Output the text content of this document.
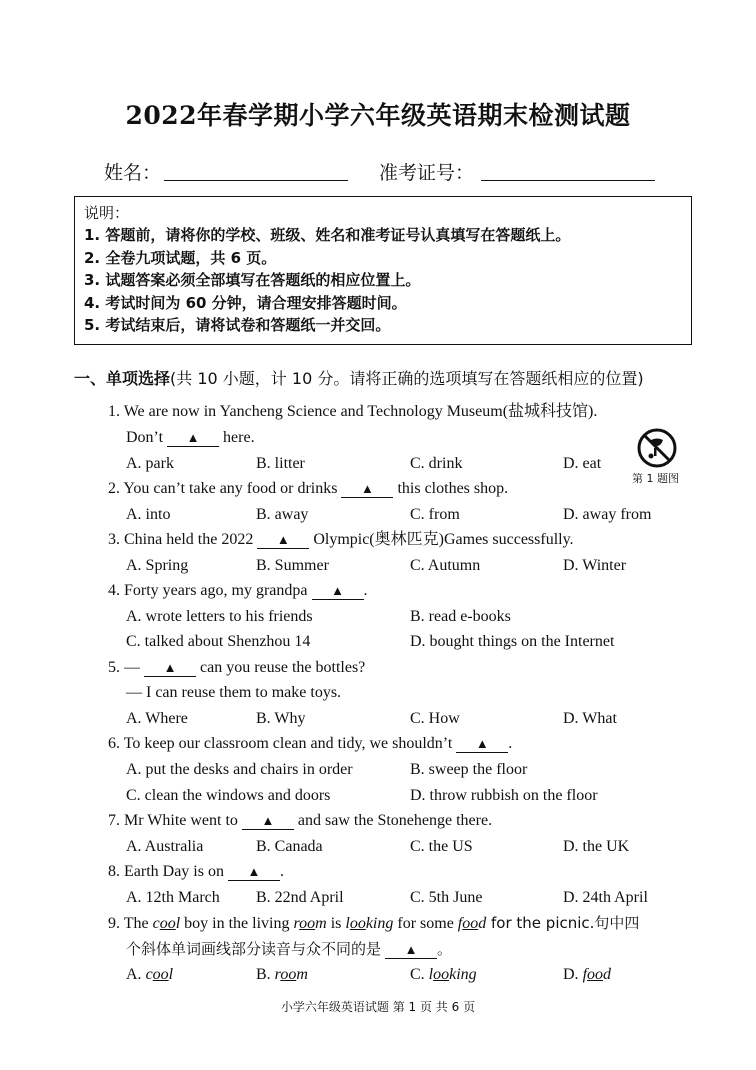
2022年春学期小学六年级英语期末检测试题
姓名：	准考证号：
说明：
1. 答题前，请将你的学校、班级、姓名和准考证号认真填写在答题纸上。
2. 全卷九项试题，共 6 页。
3. 试题答案必须全部填写在答题纸的相应位置上。
4. 考试时间为 60 分钟，请合理安排答题时间。
5. 考试结束后，请将试卷和答题纸一并交回。
一、单项选择(共 10 小题，计 10 分。请将正确的选项填写在答题纸相应的位置)
1. We are now in Yancheng Science and Technology Museum(盐城科技馆).
Don’t ▲ here.
A. park	B. litter	C. drink	D. eat
第 1 题图
2. You can’t take any food or drinks ▲ this clothes shop.
A. into	B. away	C. from	D. away from
3. China held the 2022 ▲ Olympic(奥林匹克)Games successfully.
A. Spring	B. Summer	C. Autumn	D. Winter
4. Forty years ago, my grandpa ▲ .
A. wrote letters to his friends	B. read e-books
C. talked about Shenzhou 14	D. bought things on the Internet
5. — ▲ can you reuse the bottles?
— I can reuse them to make toys.
A. Where	B. Why	C. How	D. What
6. To keep our classroom clean and tidy, we shouldn’t ▲ .
A. put the desks and chairs in order	B. sweep the floor
C. clean the windows and doors	D. throw rubbish on the floor
7. Mr White went to ▲ and saw the Stonehenge there.
A. Australia	B. Canada	C. the US	D. the UK
8. Earth Day is on ▲ .
A. 12th March B. 22nd April	C. 5th June	D. 24th April
9. The cool boy in the living room is looking for some food for the picnic.句中四
个斜体单词画线部分读音与众不同的是 ▲ 。
A. cool	B. room	C. looking	D. food
小学六年级英语试题 第 1 页 共 6 页
